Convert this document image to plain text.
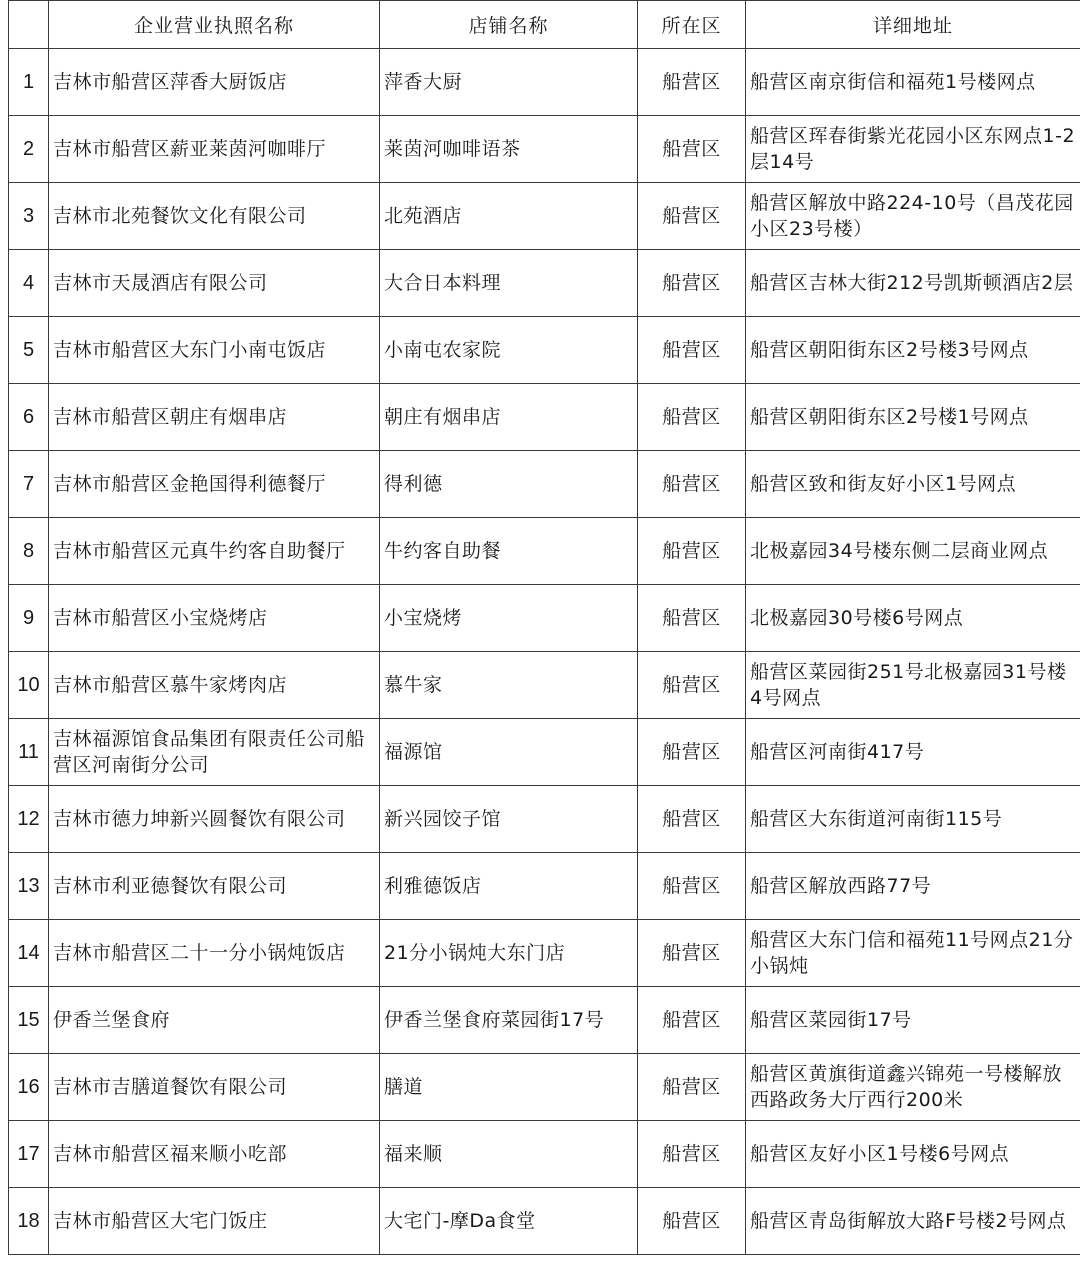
	企业营业执照名称	店铺名称	所在区	详细地址
1	吉林市船营区萍香大厨饭店	萍香大厨	船营区	船营区南京街信和福苑1号楼网点
2	吉林市船营区薪亚莱茵河咖啡厅	莱茵河咖啡语茶	船营区	船营区珲春街紫光花园小区东网点1-2层14号
3	吉林市北苑餐饮文化有限公司	北苑酒店	船营区	船营区解放中路224-10号（昌茂花园小区23号楼）
4	吉林市天晟酒店有限公司	大合日本料理	船营区	船营区吉林大街212号凯斯顿酒店2层
5	吉林市船营区大东门小南屯饭店	小南屯农家院	船营区	船营区朝阳街东区2号楼3号网点
6	吉林市船营区朝庄有烟串店	朝庄有烟串店	船营区	船营区朝阳街东区2号楼1号网点
7	吉林市船营区金艳国得利德餐厅	得利德	船营区	船营区致和街友好小区1号网点
8	吉林市船营区元真牛约客自助餐厅	牛约客自助餐	船营区	北极嘉园34号楼东侧二层商业网点
9	吉林市船营区小宝烧烤店	小宝烧烤	船营区	北极嘉园30号楼6号网点
10	吉林市船营区慕牛家烤肉店	慕牛家	船营区	船营区菜园街251号北极嘉园31号楼4号网点
11	吉林福源馆食品集团有限责任公司船营区河南街分公司	福源馆	船营区	船营区河南街417号
12	吉林市德力坤新兴圆餐饮有限公司	新兴园饺子馆	船营区	船营区大东街道河南街115号
13	吉林市利亚德餐饮有限公司	利雅德饭店	船营区	船营区解放西路77号
14	吉林市船营区二十一分小锅炖饭店	21分小锅炖大东门店	船营区	船营区大东门信和福苑11号网点21分小锅炖
15	伊香兰堡食府	伊香兰堡食府菜园街17号	船营区	船营区菜园街17号
16	吉林市吉膳道餐饮有限公司	膳道	船营区	船营区黄旗街道鑫兴锦苑一号楼解放西路政务大厅西行200米
17	吉林市船营区福来顺小吃部	福来顺	船营区	船营区友好小区1号楼6号网点
18	吉林市船营区大宅门饭庄	大宅门-摩Da食堂	船营区	船营区青岛街解放大路F号楼2号网点
